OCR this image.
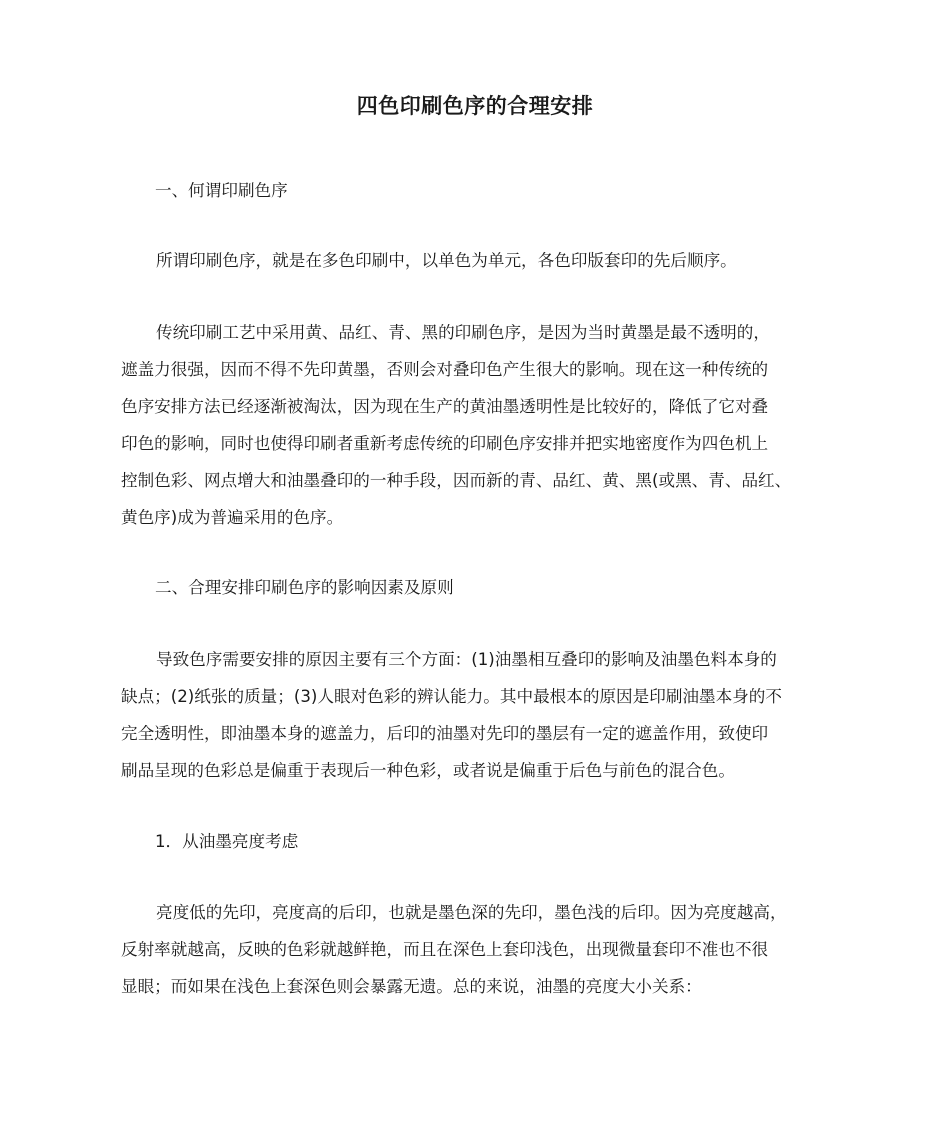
四色印刷色序的合理安排
一、何谓印刷色序
所谓印刷色序，就是在多色印刷中，以单色为单元，各色印版套印的先后顺序。
传统印刷工艺中采用黄、品红、青、黑的印刷色序，是因为当时黄墨是最不透明的，
遮盖力很强，因而不得不先印黄墨，否则会对叠印色产生很大的影响。现在这一种传统的
色序安排方法已经逐渐被淘汰，因为现在生产的黄油墨透明性是比较好的，降低了它对叠
印色的影响，同时也使得印刷者重新考虑传统的印刷色序安排并把实地密度作为四色机上
控制色彩、网点增大和油墨叠印的一种手段，因而新的青、品红、黄、黑(或黑、青、品红、
黄色序)成为普遍采用的色序。
二、合理安排印刷色序的影响因素及原则
导致色序需要安排的原因主要有三个方面：(1)油墨相互叠印的影响及油墨色料本身的
缺点；(2)纸张的质量；(3)人眼对色彩的辨认能力。其中最根本的原因是印刷油墨本身的不
完全透明性，即油墨本身的遮盖力，后印的油墨对先印的墨层有一定的遮盖作用，致使印
刷品呈现的色彩总是偏重于表现后一种色彩，或者说是偏重于后色与前色的混合色。
1．从油墨亮度考虑
亮度低的先印，亮度高的后印，也就是墨色深的先印，墨色浅的后印。因为亮度越高，
反射率就越高，反映的色彩就越鲜艳，而且在深色上套印浅色，出现微量套印不准也不很
显眼；而如果在浅色上套深色则会暴露无遗。总的来说，油墨的亮度大小关系：
